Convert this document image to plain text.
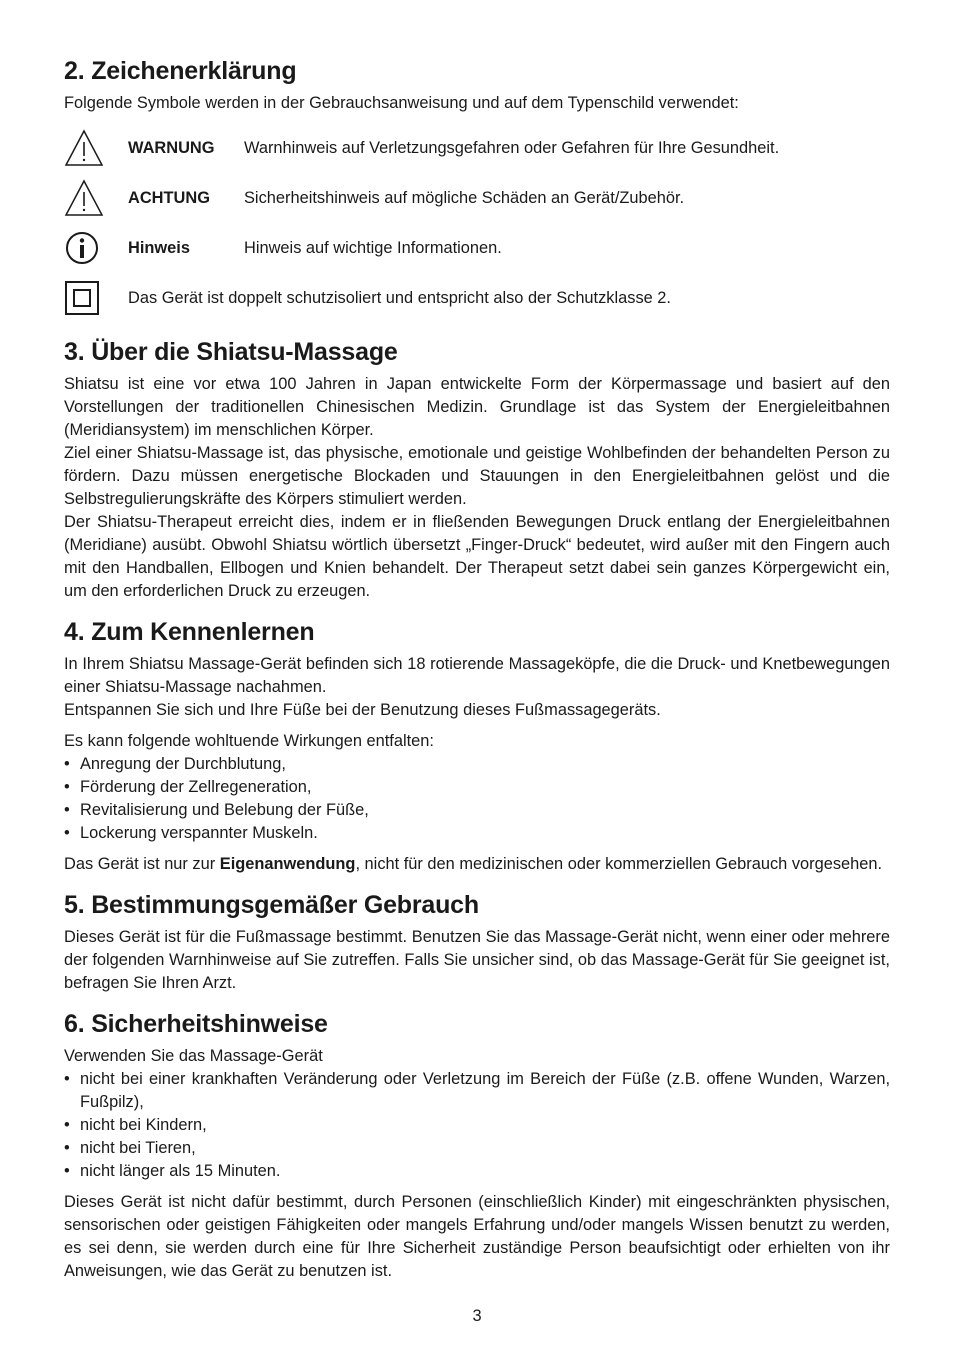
2. Zeichenerklärung

Folgende Symbole werden in der Gebrauchsanweisung und auf dem Typenschild verwendet:

WARNUNG	Warnhinweis auf Verletzungsgefahren oder Gefahren für Ihre Gesundheit.
ACHTUNG	Sicherheitshinweis auf mögliche Schäden an Gerät/Zubehör.
Hinweis	Hinweis auf wichtige Informationen.
Das Gerät ist doppelt schutzisoliert und entspricht also der Schutzklasse 2.
3. Über die Shiatsu-Massage

Shiatsu ist eine vor etwa 100 Jahren in Japan entwickelte Form der Körpermassage und basiert auf den Vorstellungen der traditionellen Chinesischen Medizin. Grundlage ist das System der Energieleitbahnen (Meridiansystem) im menschlichen Körper.

Ziel einer Shiatsu-Massage ist, das physische, emotionale und geistige Wohlbefinden der behandelten Person zu fördern. Dazu müssen energetische Blockaden und Stauungen in den Energieleitbahnen gelöst und die Selbstregulierungskräfte des Körpers stimuliert werden.

Der Shiatsu-Therapeut erreicht dies, indem er in fließenden Bewegungen Druck entlang der Energieleitbahnen (Meridiane) ausübt. Obwohl Shiatsu wörtlich übersetzt „Finger-Druck“ bedeutet, wird außer mit den Fingern auch mit den Handballen, Ellbogen und Knien behandelt. Der Therapeut setzt dabei sein ganzes Körpergewicht ein, um den erforderlichen Druck zu erzeugen.

4. Zum Kennenlernen

In Ihrem Shiatsu Massage-Gerät befinden sich 18 rotierende Massageköpfe, die die Druck- und Knetbewegungen einer Shiatsu-Massage nachahmen.

Entspannen Sie sich und Ihre Füße bei der Benutzung dieses Fußmassagegeräts.

Es kann folgende wohltuende Wirkungen entfalten:

• Anregung der Durchblutung,
• Förderung der Zellregeneration,
• Revitalisierung und Belebung der Füße,
• Lockerung verspannter Muskeln.

Das Gerät ist nur zur Eigenanwendung, nicht für den medizinischen oder kommerziellen Gebrauch vorgesehen.

5. Bestimmungsgemäßer Gebrauch

Dieses Gerät ist für die Fußmassage bestimmt. Benutzen Sie das Massage-Gerät nicht, wenn einer oder mehrere der folgenden Warnhinweise auf Sie zutreffen. Falls Sie unsicher sind, ob das Massage-Gerät für Sie geeignet ist, befragen Sie Ihren Arzt.

6. Sicherheitshinweise

Verwenden Sie das Massage-Gerät

• nicht bei einer krankhaften Veränderung oder Verletzung im Bereich der Füße (z.B. offene Wunden, Warzen, Fußpilz),
• nicht bei Kindern,
• nicht bei Tieren,
• nicht länger als 15 Minuten.

Dieses Gerät ist nicht dafür bestimmt, durch Personen (einschließlich Kinder) mit eingeschränkten physischen, sensorischen oder geistigen Fähigkeiten oder mangels Erfahrung und/oder mangels Wissen benutzt zu werden, es sei denn, sie werden durch eine für Ihre Sicherheit zuständige Person beaufsichtigt oder erhielten von ihr Anweisungen, wie das Gerät zu benutzen ist.

3
